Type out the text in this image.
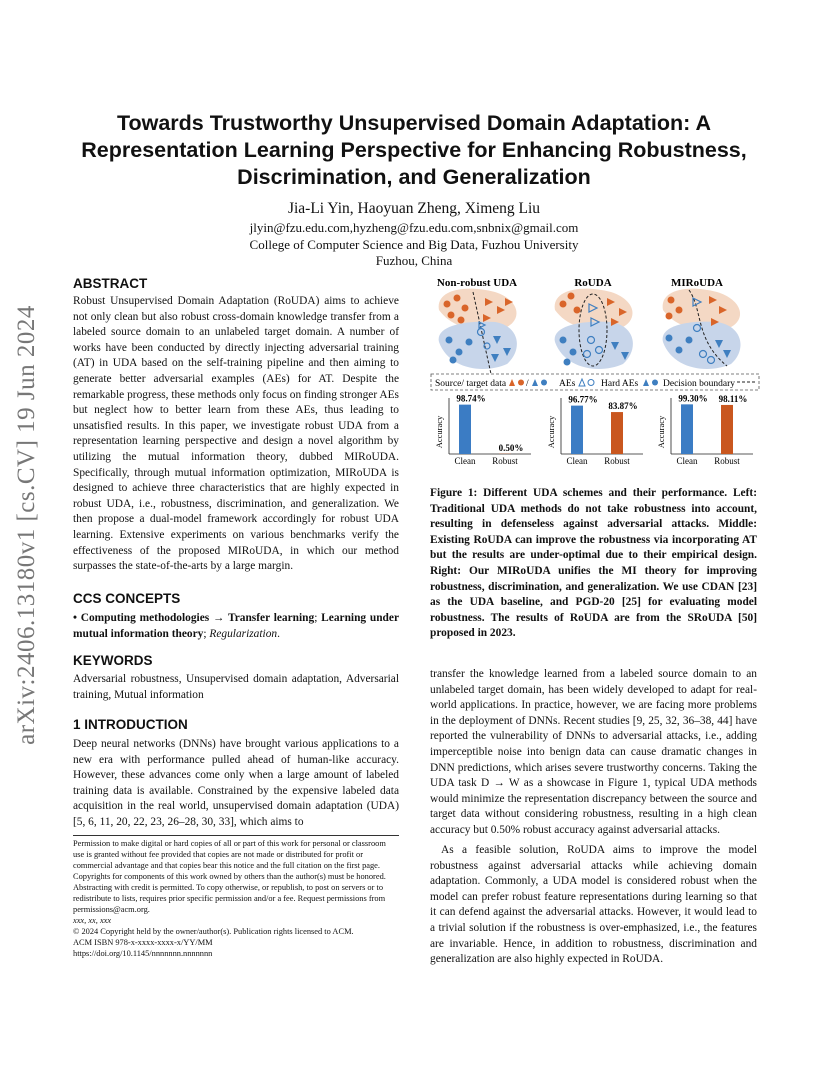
arXiv:2406.13180v1 [cs.CV] 19 Jun 2024
Towards Trustworthy Unsupervised Domain Adaptation: A Representation Learning Perspective for Enhancing Robustness, Discrimination, and Generalization
Jia-Li Yin, Haoyuan Zheng, Ximeng Liu
jlyin@fzu.edu.com,hyzheng@fzu.edu.com,snbnix@gmail.com
College of Computer Science and Big Data, Fuzhou University
Fuzhou, China
ABSTRACT
Robust Unsupervised Domain Adaptation (RoUDA) aims to achieve not only clean but also robust cross-domain knowledge transfer from a labeled source domain to an unlabeled target domain. A number of works have been conducted by directly injecting adversarial training (AT) in UDA based on the self-training pipeline and then aiming to generate better adversarial examples (AEs) for AT. Despite the remarkable progress, these methods only focus on finding stronger AEs but neglect how to better learn from these AEs, thus leading to unsatisfied results. In this paper, we investigate robust UDA from a representation learning perspective and design a novel algorithm by utilizing the mutual information theory, dubbed MIRoUDA. Specifically, through mutual information optimization, MIRoUDA is designed to achieve three characteristics that are highly expected in robust UDA, i.e., robustness, discrimination, and generalization. We then propose a dual-model framework accordingly for robust UDA learning. Extensive experiments on various benchmarks verify the effectiveness of the proposed MIRoUDA, in which our method surpasses the state-of-the-arts by a large margin.
CCS CONCEPTS
• Computing methodologies → Transfer learning; Learning under mutual information theory; Regularization.
KEYWORDS
Adversarial robustness, Unsupervised domain adaptation, Adversarial training, Mutual information
1 INTRODUCTION
Deep neural networks (DNNs) have brought various applications to a new era with performance pulled ahead of human-like accuracy. However, these advances come only when a large amount of labeled training data is available. Constrained by the expensive labeled data acquisition in the real world, unsupervised domain adaptation (UDA) [5, 6, 11, 20, 22, 23, 26–28, 30, 33], which aims to
Permission to make digital or hard copies of all or part of this work for personal or classroom use is granted without fee provided that copies are not made or distributed for profit or commercial advantage and that copies bear this notice and the full citation on the first page. Copyrights for components of this work owned by others than the author(s) must be honored. Abstracting with credit is permitted. To copy otherwise, or republish, to post on servers or to redistribute to lists, requires prior specific permission and/or a fee. Request permissions from permissions@acm.org.
xxx, xx, xxx
© 2024 Copyright held by the owner/author(s). Publication rights licensed to ACM.
ACM ISBN 978-x-xxxx-xxxx-x/YY/MM
https://doi.org/10.1145/nnnnnnn.nnnnnnn
Non-robust UDA	RoUDA	MIRoUDA
Source/ target data /	AEs	Hard AEs	Decision boundary
Accuracy
98.74%
Clean
0.50%
Robust
Accuracy
96.77%
Clean
83.87%
Robust
Accuracy
99.30%
Clean
98.11%
Robust
Figure 1: Different UDA schemes and their performance. Left: Traditional UDA methods do not take robustness into account, resulting in defenseless against adversarial attacks. Middle: Existing RoUDA can improve the robustness via incorporating AT but the results are under-optimal due to their empirical design. Right: Our MIRoUDA unifies the MI theory for improving robustness, discrimination, and generalization. We use CDAN [23] as the UDA baseline, and PGD-20 [25] for evaluating model robustness. The results of RoUDA are from the SRoUDA [50] proposed in 2023.
transfer the knowledge learned from a labeled source domain to an unlabeled target domain, has been widely developed to adapt for real-world applications. In practice, however, we are facing more problems in the deployment of DNNs. Recent studies [9, 25, 32, 36–38, 44] have reported the vulnerability of DNNs to adversarial attacks, i.e., adding imperceptible noise into benign data can cause dramatic changes in DNN predictions, which arises severe trustworthy concerns. Taking the UDA task D → W as a showcase in Figure 1, typical UDA methods would minimize the representation discrepancy between the source and target data without considering robustness, resulting in a high clean accuracy but 0.50% robust accuracy against adversarial attacks.
As a feasible solution, RoUDA aims to improve the model robustness against adversarial attacks while achieving domain adaptation. Commonly, a UDA model is considered robust when the model can prefer robust feature representations during learning so that it can defend against the adversarial attacks. However, it would lead to a trivial solution if the robustness is over-emphasized, i.e., the features are invariable. Hence, in addition to robustness, discrimination and generalization are also highly expected in RoUDA.
